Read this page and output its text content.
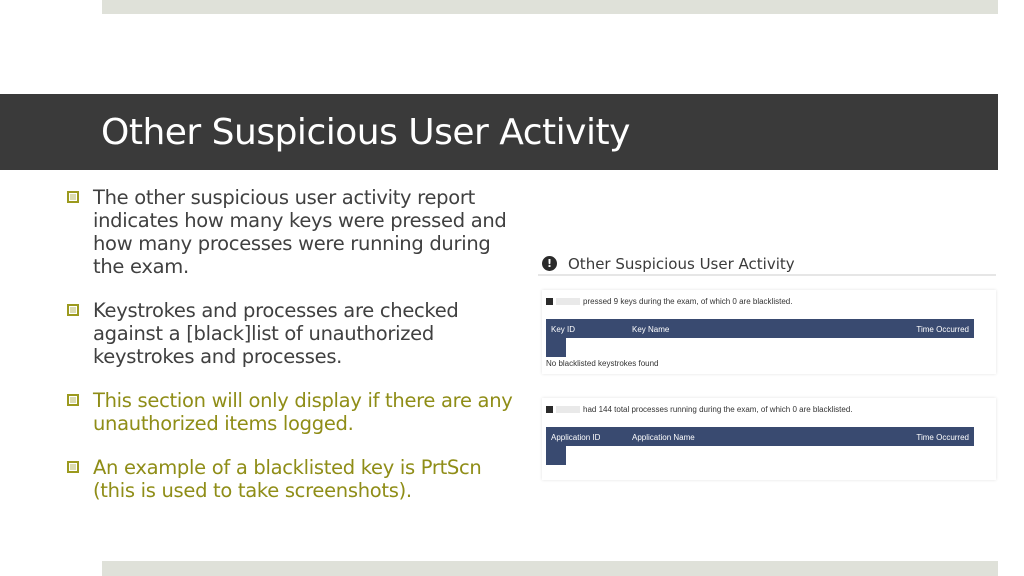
Other Suspicious User Activity
The other suspicious user activity report indicates how many keys were pressed and how many processes were running during the exam.
Keystrokes and processes are checked against a [black]list of unauthorized keystrokes and processes.
This section will only display if there are any unauthorized items logged.
An example of a blacklisted key is PrtScn (this is used to take screenshots).
!	Other Suspicious User Activity
pressed 9 keys during the exam, of which 0 are blacklisted.
Key ID	Key Name	Time Occurred
No blacklisted keystrokes found
had 144 total processes running during the exam, of which 0 are blacklisted.
Application ID	Application Name	Time Occurred
